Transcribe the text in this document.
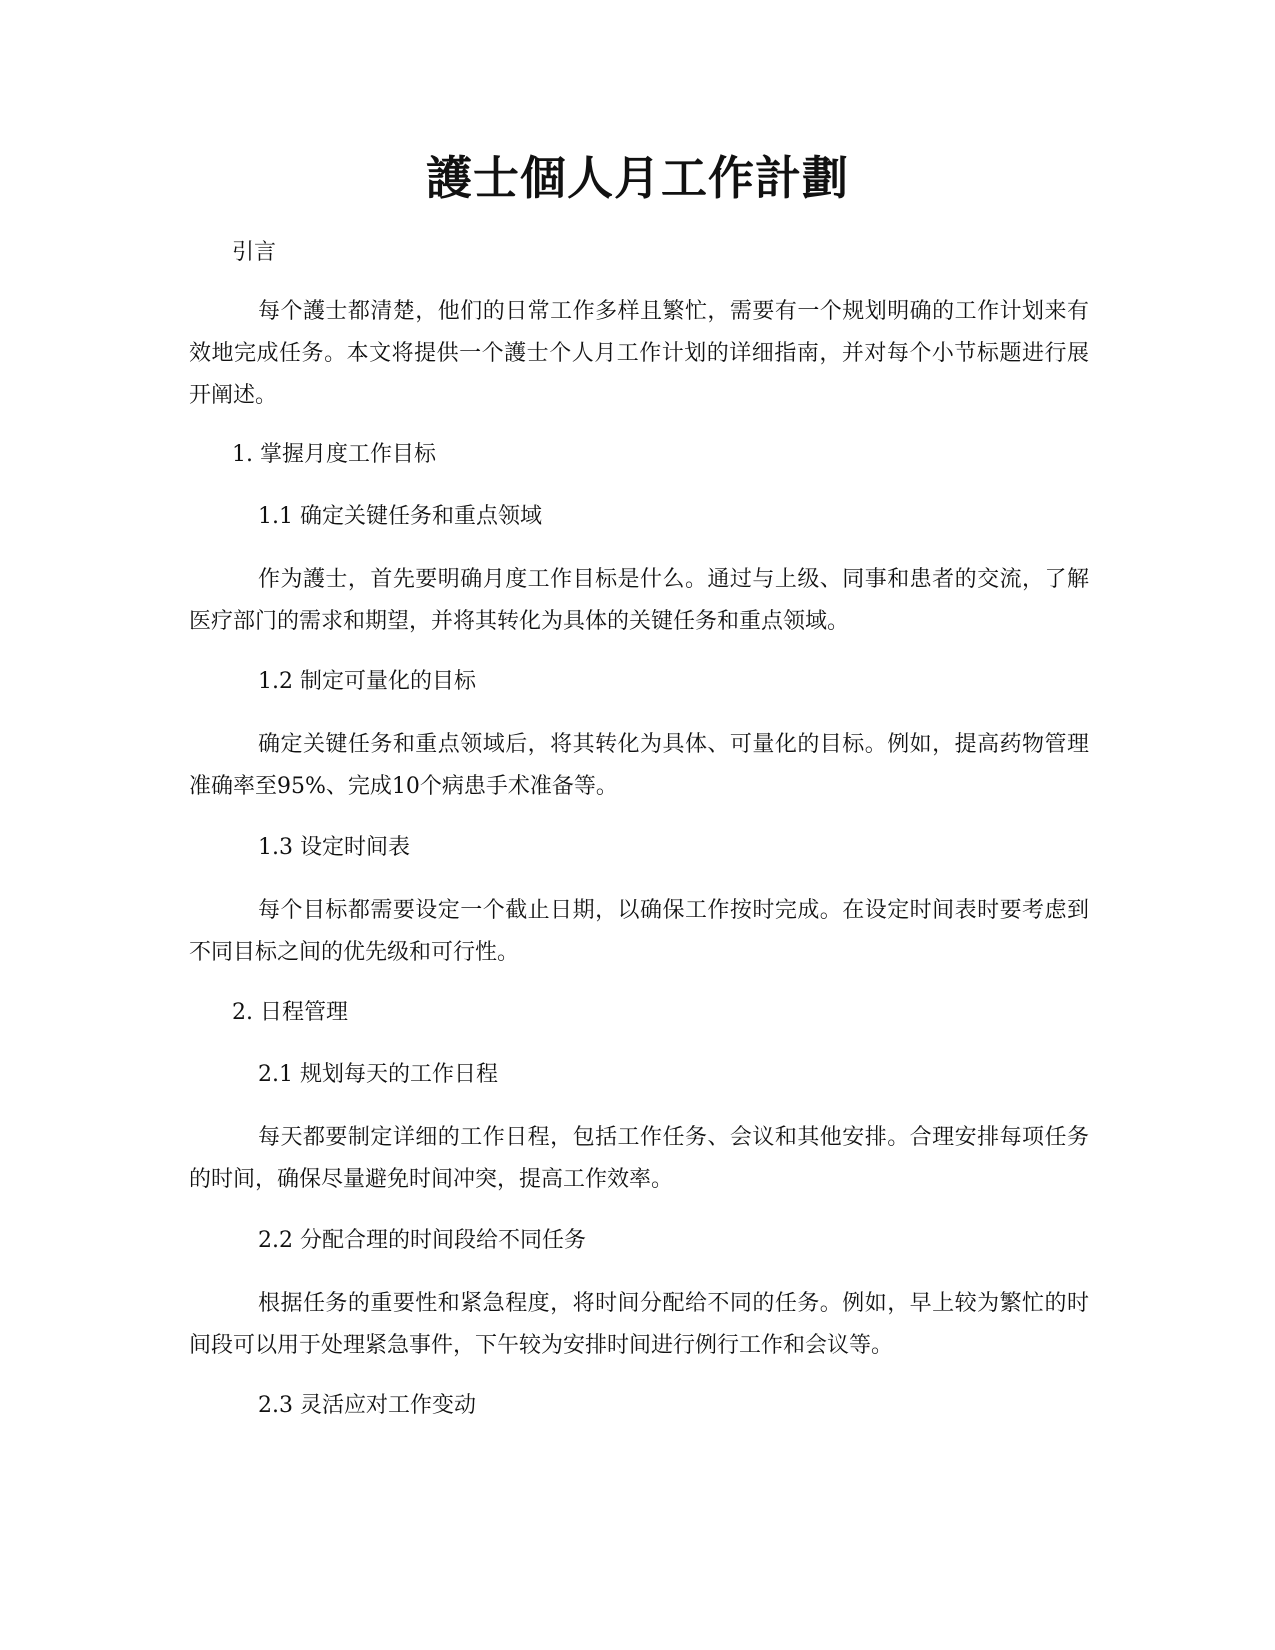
護士個人月工作計劃

引言

每个護士都清楚，他们的日常工作多样且繁忙，需要有一个规划明确的工作计划来有效地完成任务。本文将提供一个護士个人月工作计划的详细指南，并对每个小节标题进行展开阐述。

1. 掌握月度工作目标

1.1 确定关键任务和重点领域

作为護士，首先要明确月度工作目标是什么。通过与上级、同事和患者的交流，了解医疗部门的需求和期望，并将其转化为具体的关键任务和重点领域。

1.2 制定可量化的目标

确定关键任务和重点领域后，将其转化为具体、可量化的目标。例如，提高药物管理准确率至95%、完成10个病患手术准备等。

1.3 设定时间表

每个目标都需要设定一个截止日期，以确保工作按时完成。在设定时间表时要考虑到不同目标之间的优先级和可行性。

2. 日程管理

2.1 规划每天的工作日程

每天都要制定详细的工作日程，包括工作任务、会议和其他安排。合理安排每项任务的时间，确保尽量避免时间冲突，提高工作效率。

2.2 分配合理的时间段给不同任务

根据任务的重要性和紧急程度，将时间分配给不同的任务。例如，早上较为繁忙的时间段可以用于处理紧急事件，下午较为安排时间进行例行工作和会议等。

2.3 灵活应对工作变动
